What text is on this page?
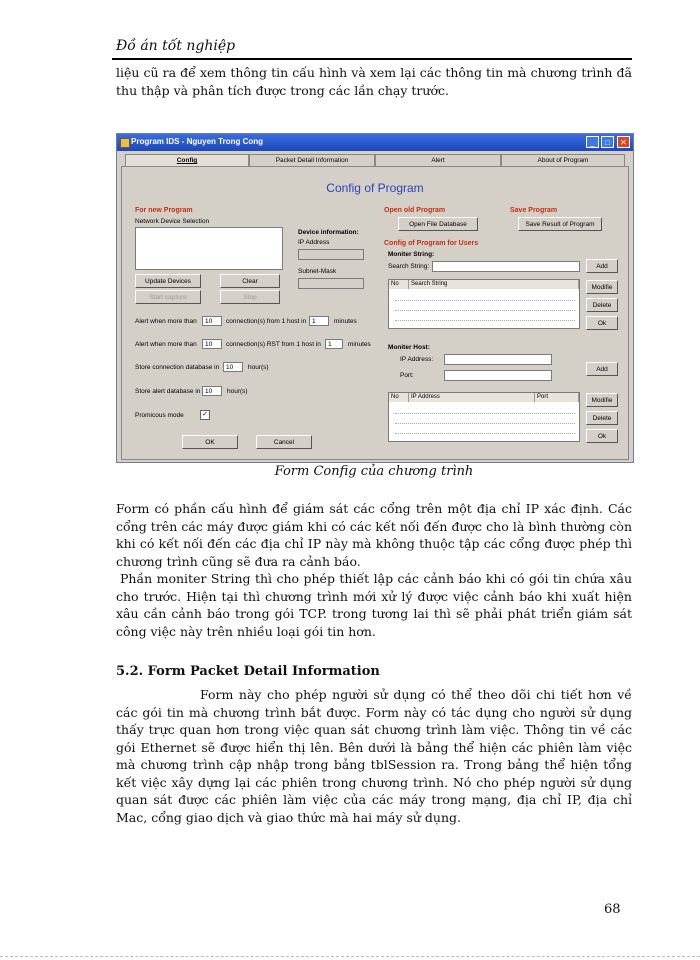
Đồ án tốt nghiệp
liệu cũ ra để xem thông tin cấu hình và xem lại các thông tin mà chương trình đã thu thập và phân tích được trong các lần chạy trước.
Program IDS - Nguyen Trong Cong	_	□	✕
Config	Packet Detail Information	Alert	About of Program
Config of Program
For new Program
Network Device Selection
Device information:
IP Address
Subnet-Mask
Update Devices	Clear
Start capture	Stop
Alert when more than	10	connection(s) from 1 host in 1	minutes
Alert when more than	10	connection(s) RST from 1 host in	1	minutes
Store connection database in	10	hour(s)
Store alert database in 10	hour(s)
Promicous mode	✓
OK	Cancel
Open old Program
Open File Database
Save Program
Save Result of Program
Config of Program for Users
Moniter String:
Search String:	Add
No	Search String	Modifie
Delete
Ok
Moniter Host:
IP Address:
Port:
Add
No	IP Address	Port	Modifie
Delete
Ok
Form Config của chương trình
Form có phần cấu hình để giám sát các cổng trên một địa chỉ IP xác định. Các cổng trên các máy được giám khi có các kết nối đến được cho là bình thường còn khi có kết nối đến các địa chỉ IP này mà không thuộc tập các cổng được phép thì chương trình cũng sẽ đưa ra cảnh báo.
Phần moniter String thì cho phép thiết lập các cảnh báo khi có gói tin chứa xâu cho trước. Hiện tại thì chương trình mới xử lý được việc cảnh báo khi xuất hiện xâu cần cảnh báo trong gói TCP. trong tương lai thì sẽ phải phát triển giám sát công việc này trên nhiều loại gói tin hơn.
5.2. Form Packet Detail Information
Form này cho phép người sử dụng có thể theo dõi chi tiết hơn về các gói tin mà chương trình bắt được. Form này có tác dụng cho người sử dụng thấy trực quan hơn trong việc quan sát chương trình làm việc. Thông tin về các gói Ethernet sẽ được hiển thị lên. Bên dưới là bảng thể hiện các phiên làm việc mà chương trình cập nhập trong bảng tblSession ra. Trong bảng thể hiện tổng kết việc xây dựng lại các phiên trong chương trình. Nó cho phép người sử dụng quan sát được các phiên làm việc của các máy trong mạng, địa chỉ IP, địa chỉ Mac, cổng giao dịch và giao thức mà hai máy sử dụng.
68
